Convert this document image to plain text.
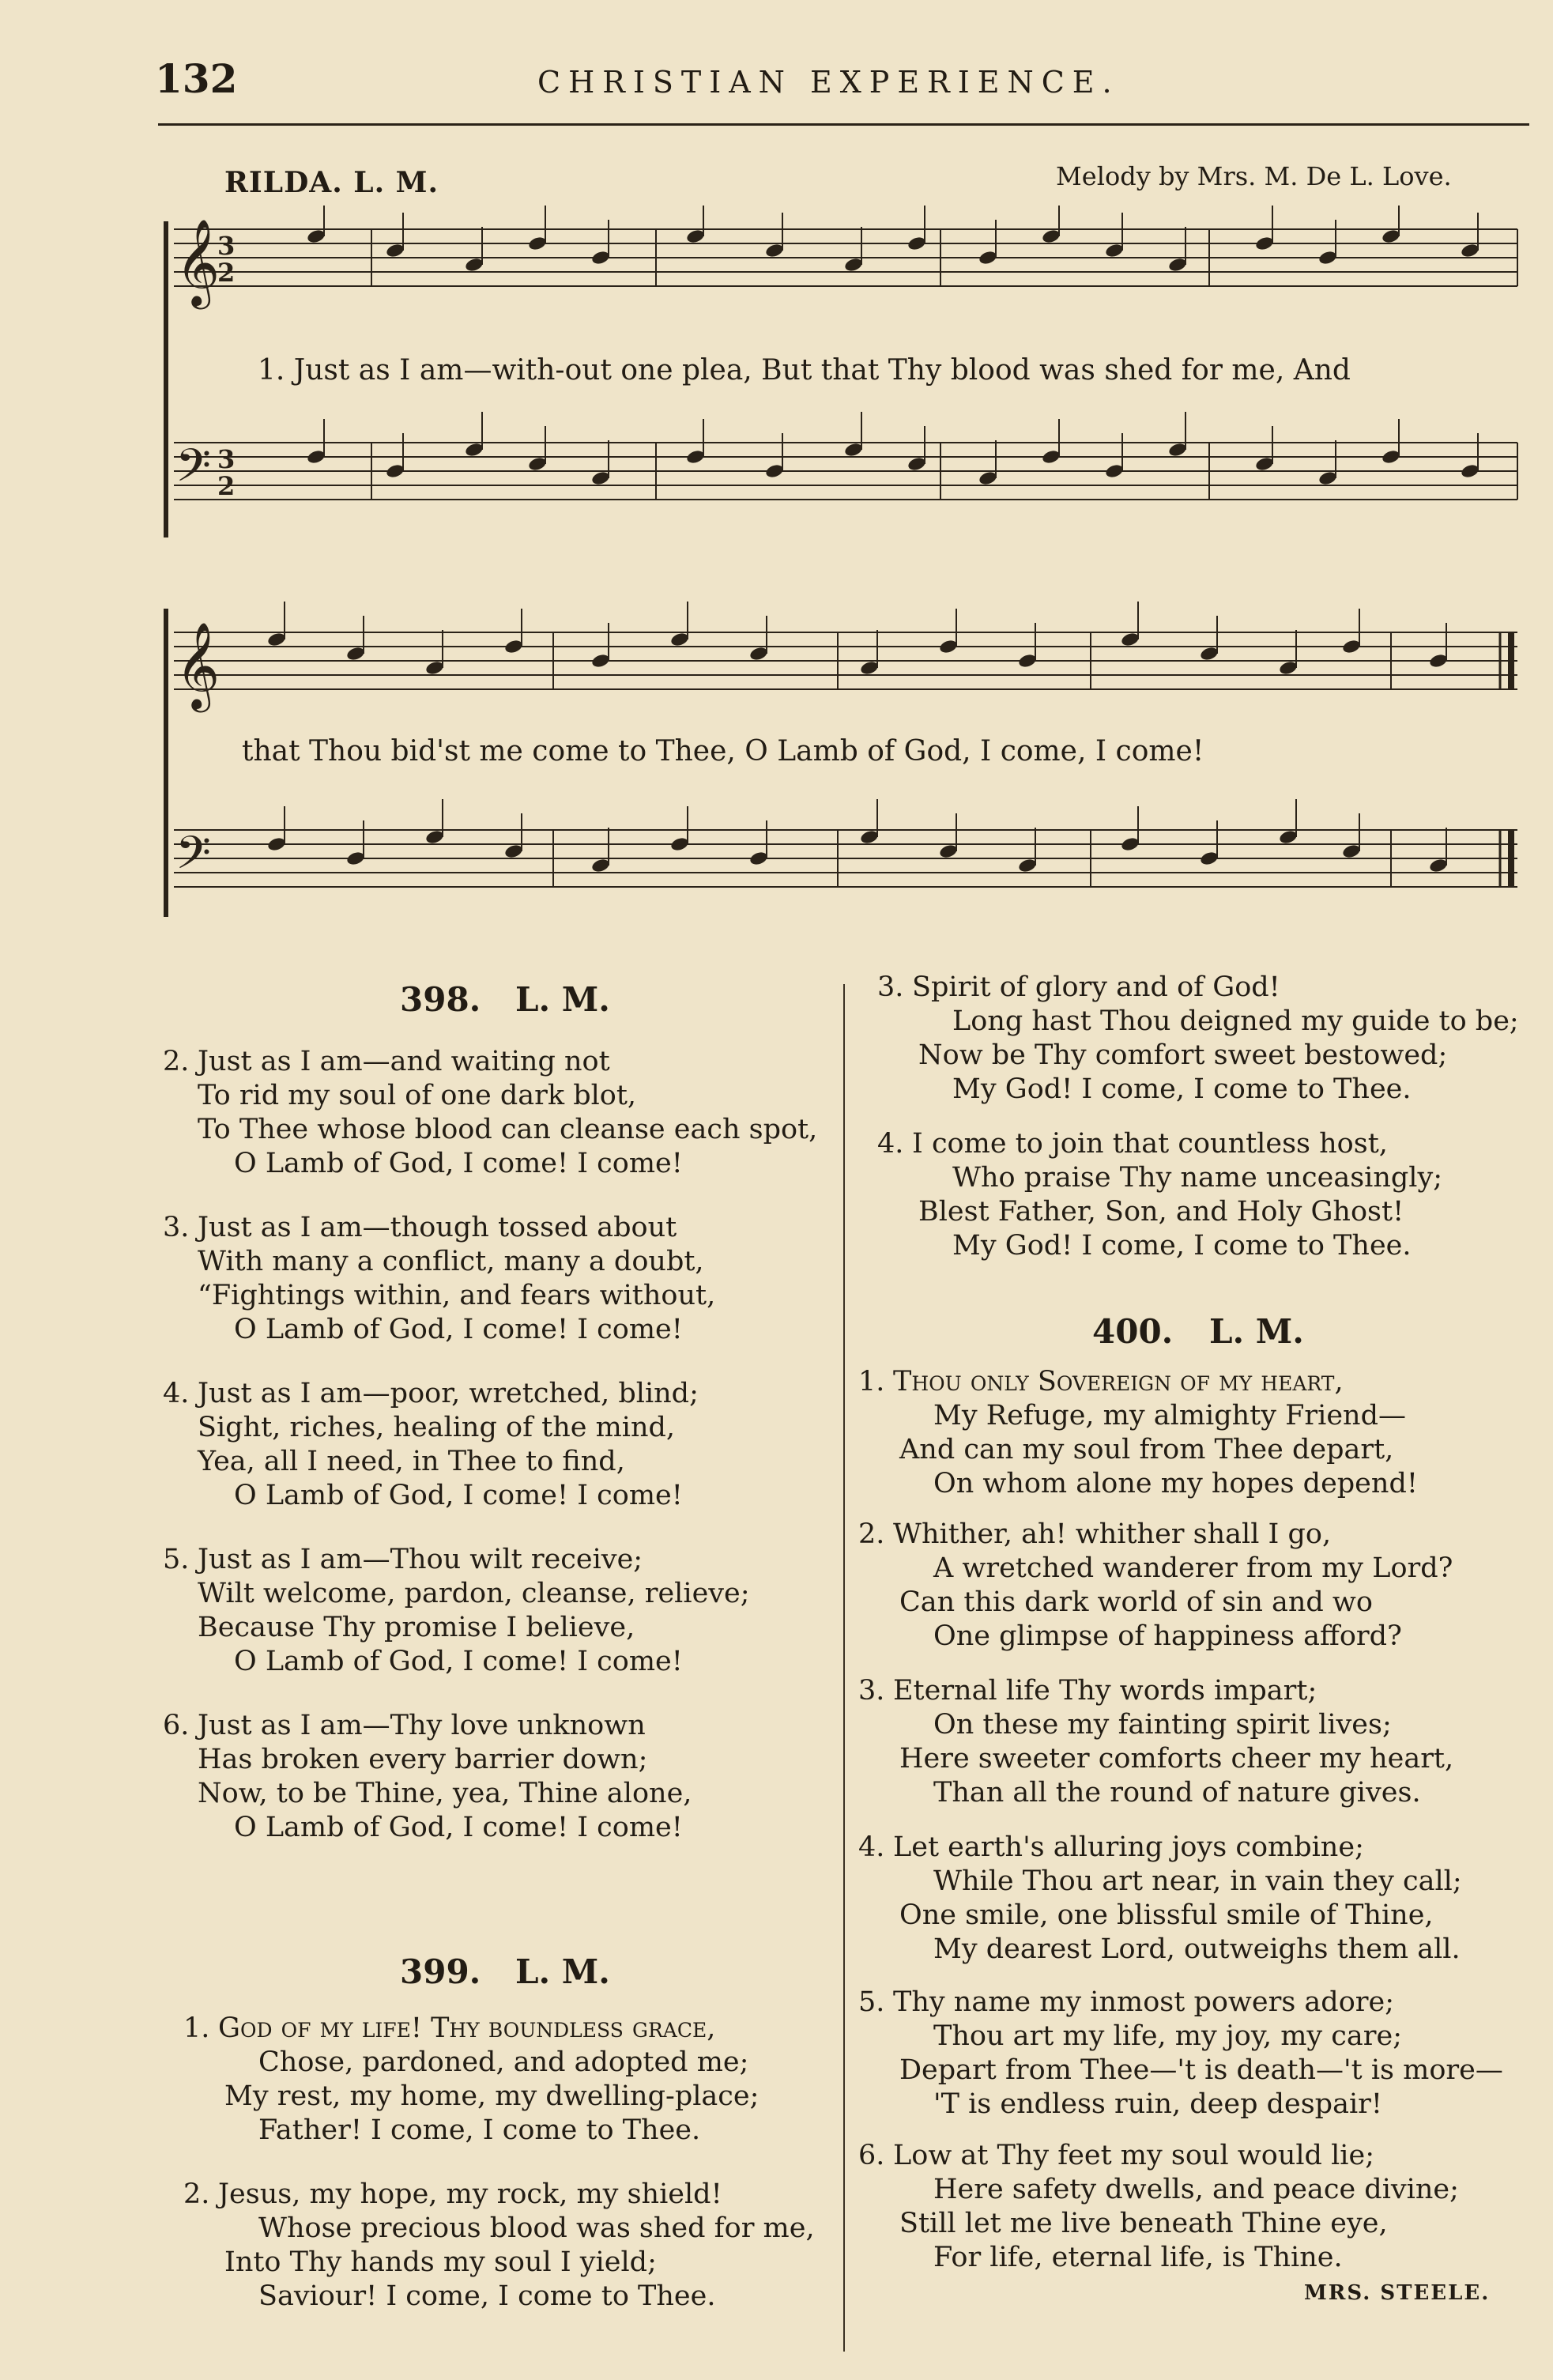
132	CHRISTIAN EXPERIENCE.
RILDA. L. M.	Melody by Mrs. M. De L. Love.
𝄞
𝄢
3
2
3
2
1. Just as I am—with-out one plea, But that Thy blood was shed for me, And
𝄞
𝄢
that Thou bid'st me come to Thee, O Lamb of God, I come, I come!
398. L. M.
2. Just as I am—and waiting not
To rid my soul of one dark blot,
To Thee whose blood can cleanse each spot,
O Lamb of God, I come! I come!
3. Just as I am—though tossed about
With many a conflict, many a doubt,
“Fightings within, and fears without,
O Lamb of God, I come! I come!
4. Just as I am—poor, wretched, blind;
Sight, riches, healing of the mind,
Yea, all I need, in Thee to find,
O Lamb of God, I come! I come!
5. Just as I am—Thou wilt receive;
Wilt welcome, pardon, cleanse, relieve;
Because Thy promise I believe,
O Lamb of God, I come! I come!
6. Just as I am—Thy love unknown
Has broken every barrier down;
Now, to be Thine, yea, Thine alone,
O Lamb of God, I come! I come!
399. L. M.
1. God of my life! Thy boundless grace,
Chose, pardoned, and adopted me;
My rest, my home, my dwelling-place;
Father! I come, I come to Thee.
2. Jesus, my hope, my rock, my shield!
Whose precious blood was shed for me,
Into Thy hands my soul I yield;
Saviour! I come, I come to Thee.
3. Spirit of glory and of God!
Long hast Thou deigned my guide to be;
Now be Thy comfort sweet bestowed;
My God! I come, I come to Thee.
4. I come to join that countless host,
Who praise Thy name unceasingly;
Blest Father, Son, and Holy Ghost!
My God! I come, I come to Thee.
400. L. M.
1. Thou only Sovereign of my heart,
My Refuge, my almighty Friend—
And can my soul from Thee depart,
On whom alone my hopes depend!
2. Whither, ah! whither shall I go,
A wretched wanderer from my Lord?
Can this dark world of sin and wo
One glimpse of happiness afford?
3. Eternal life Thy words impart;
On these my fainting spirit lives;
Here sweeter comforts cheer my heart,
Than all the round of nature gives.
4. Let earth's alluring joys combine;
While Thou art near, in vain they call;
One smile, one blissful smile of Thine,
My dearest Lord, outweighs them all.
5. Thy name my inmost powers adore;
Thou art my life, my joy, my care;
Depart from Thee—'t is death—'t is more—
'T is endless ruin, deep despair!
6. Low at Thy feet my soul would lie;
Here safety dwells, and peace divine;
Still let me live beneath Thine eye,
For life, eternal life, is Thine.
MRS. STEELE.
